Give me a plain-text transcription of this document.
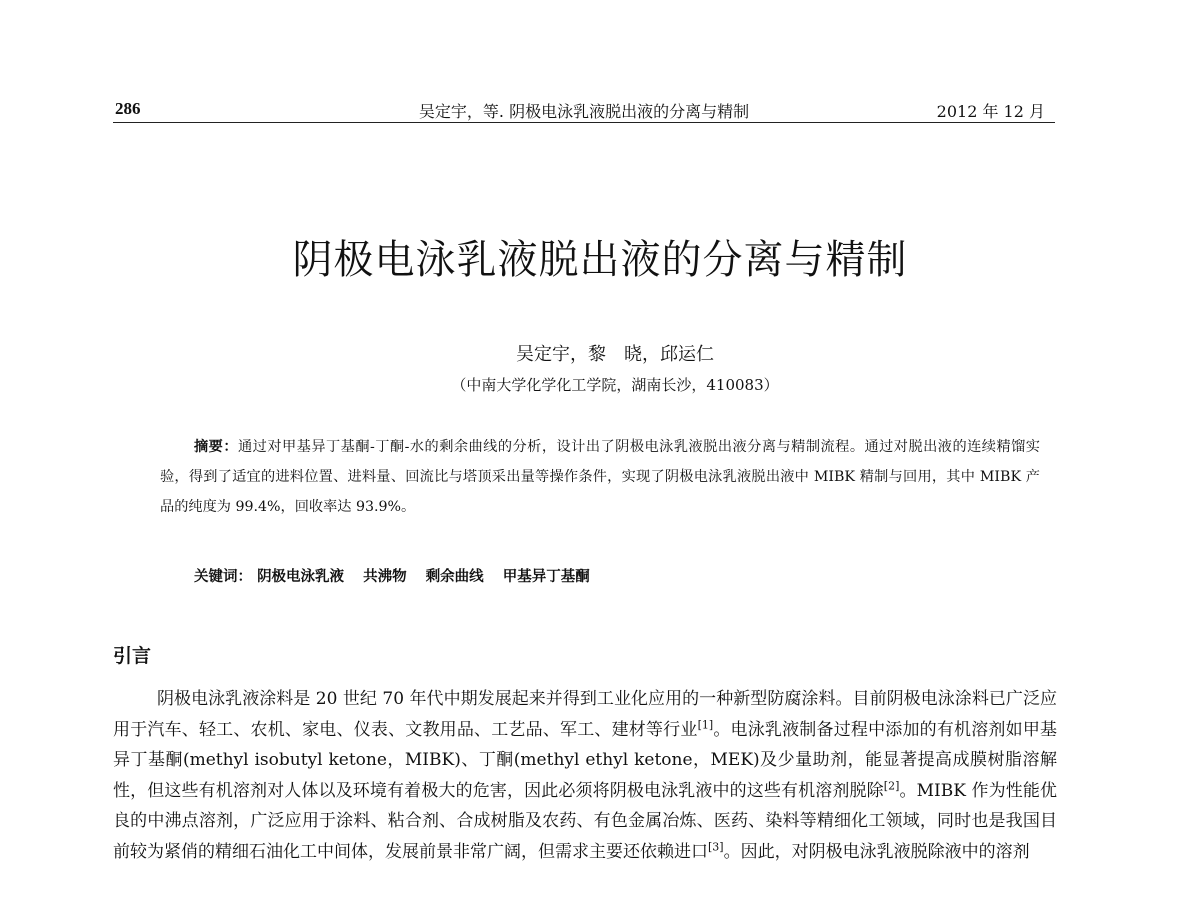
286	吴定宇，等. 阴极电泳乳液脱出液的分离与精制	2012 年 12 月
阴极电泳乳液脱出液的分离与精制
吴定宇，黎　晓，邱运仁
（中南大学化学化工学院，湖南长沙，410083）
摘要：通过对甲基异丁基酮-丁酮-水的剩余曲线的分析，设计出了阴极电泳乳液脱出液分离与精制流程。通过对脱出液的连续精馏实验，得到了适宜的进料位置、进料量、回流比与塔顶采出量等操作条件，实现了阴极电泳乳液脱出液中 MIBK 精制与回用，其中 MIBK 产品的纯度为 99.4%，回收率达 93.9%。
关键词： 阴极电泳乳液 共沸物 剩余曲线 甲基异丁基酮
引言
阴极电泳乳液涂料是 20 世纪 70 年代中期发展起来并得到工业化应用的一种新型防腐涂料。目前阴极电泳涂料已广泛应用于汽车、轻工、农机、家电、仪表、文教用品、工艺品、军工、建材等行业[1]。电泳乳液制备过程中添加的有机溶剂如甲基异丁基酮(methyl isobutyl ketone，MIBK)、丁酮(methyl ethyl ketone，MEK)及少量助剂，能显著提高成膜树脂溶解性，但这些有机溶剂对人体以及环境有着极大的危害，因此必须将阴极电泳乳液中的这些有机溶剂脱除[2]。MIBK 作为性能优良的中沸点溶剂，广泛应用于涂料、粘合剂、合成树脂及农药、有色金属冶炼、医药、染料等精细化工领域，同时也是我国目前较为紧俏的精细石油化工中间体，发展前景非常广阔，但需求主要还依赖进口[3]。因此，对阴极电泳乳液脱除液中的溶剂
